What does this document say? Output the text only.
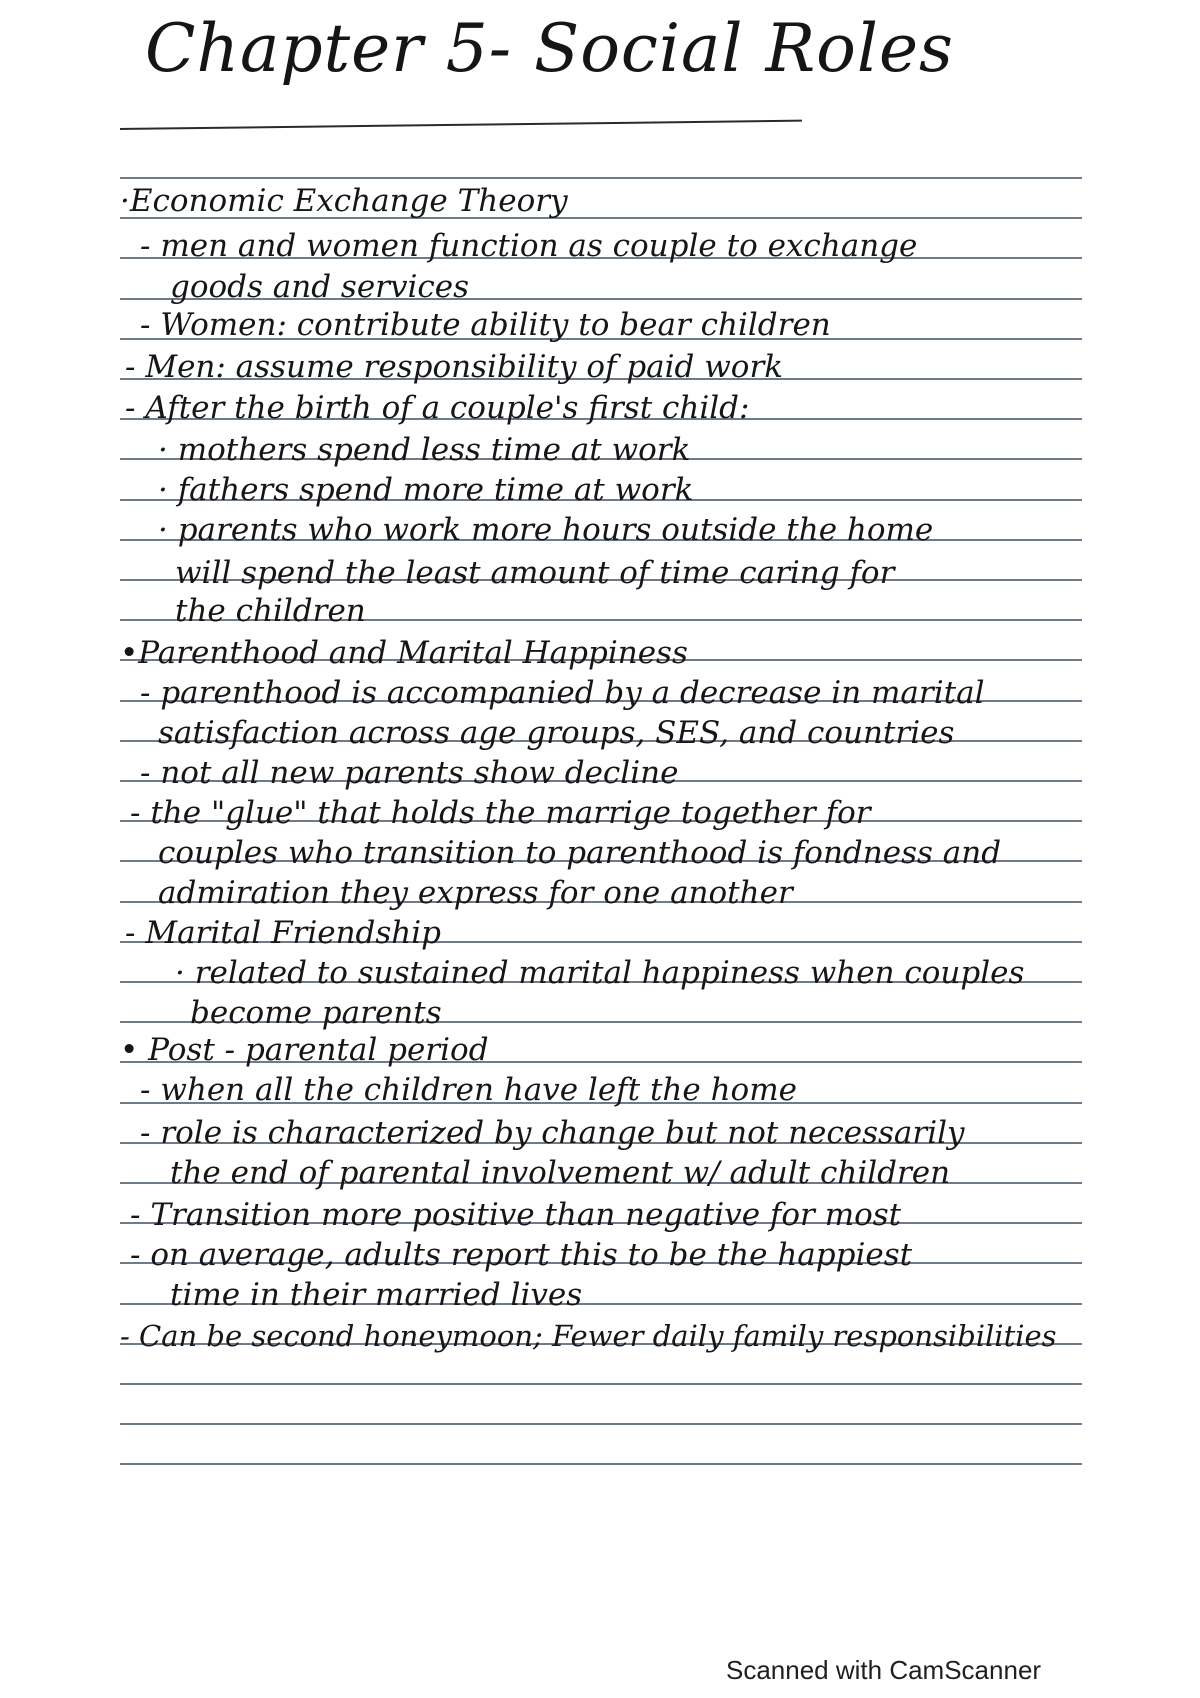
Chapter 5- Social Roles
·Economic Exchange Theory
- men and women function as couple to exchange
goods and services
- Women: contribute ability to bear children
- Men: assume responsibility of paid work
- After the birth of a couple's first child:
· mothers spend less time at work
· fathers spend more time at work
· parents who work more hours outside the home
will spend the least amount of time caring for
the children
•Parenthood and Marital Happiness
- parenthood is accompanied by a decrease in marital
satisfaction across age groups, SES, and countries
- not all new parents show decline
- the "glue" that holds the marrige together for
couples who transition to parenthood is fondness and
admiration they express for one another
- Marital Friendship
· related to sustained marital happiness when couples
become parents
• Post - parental period
- when all the children have left the home
- role is characterized by change but not necessarily
the end of parental involvement w/ adult children
- Transition more positive than negative for most
- on average, adults report this to be the happiest
time in their married lives
- Can be second honeymoon; Fewer daily family responsibilities
Scanned with CamScanner
